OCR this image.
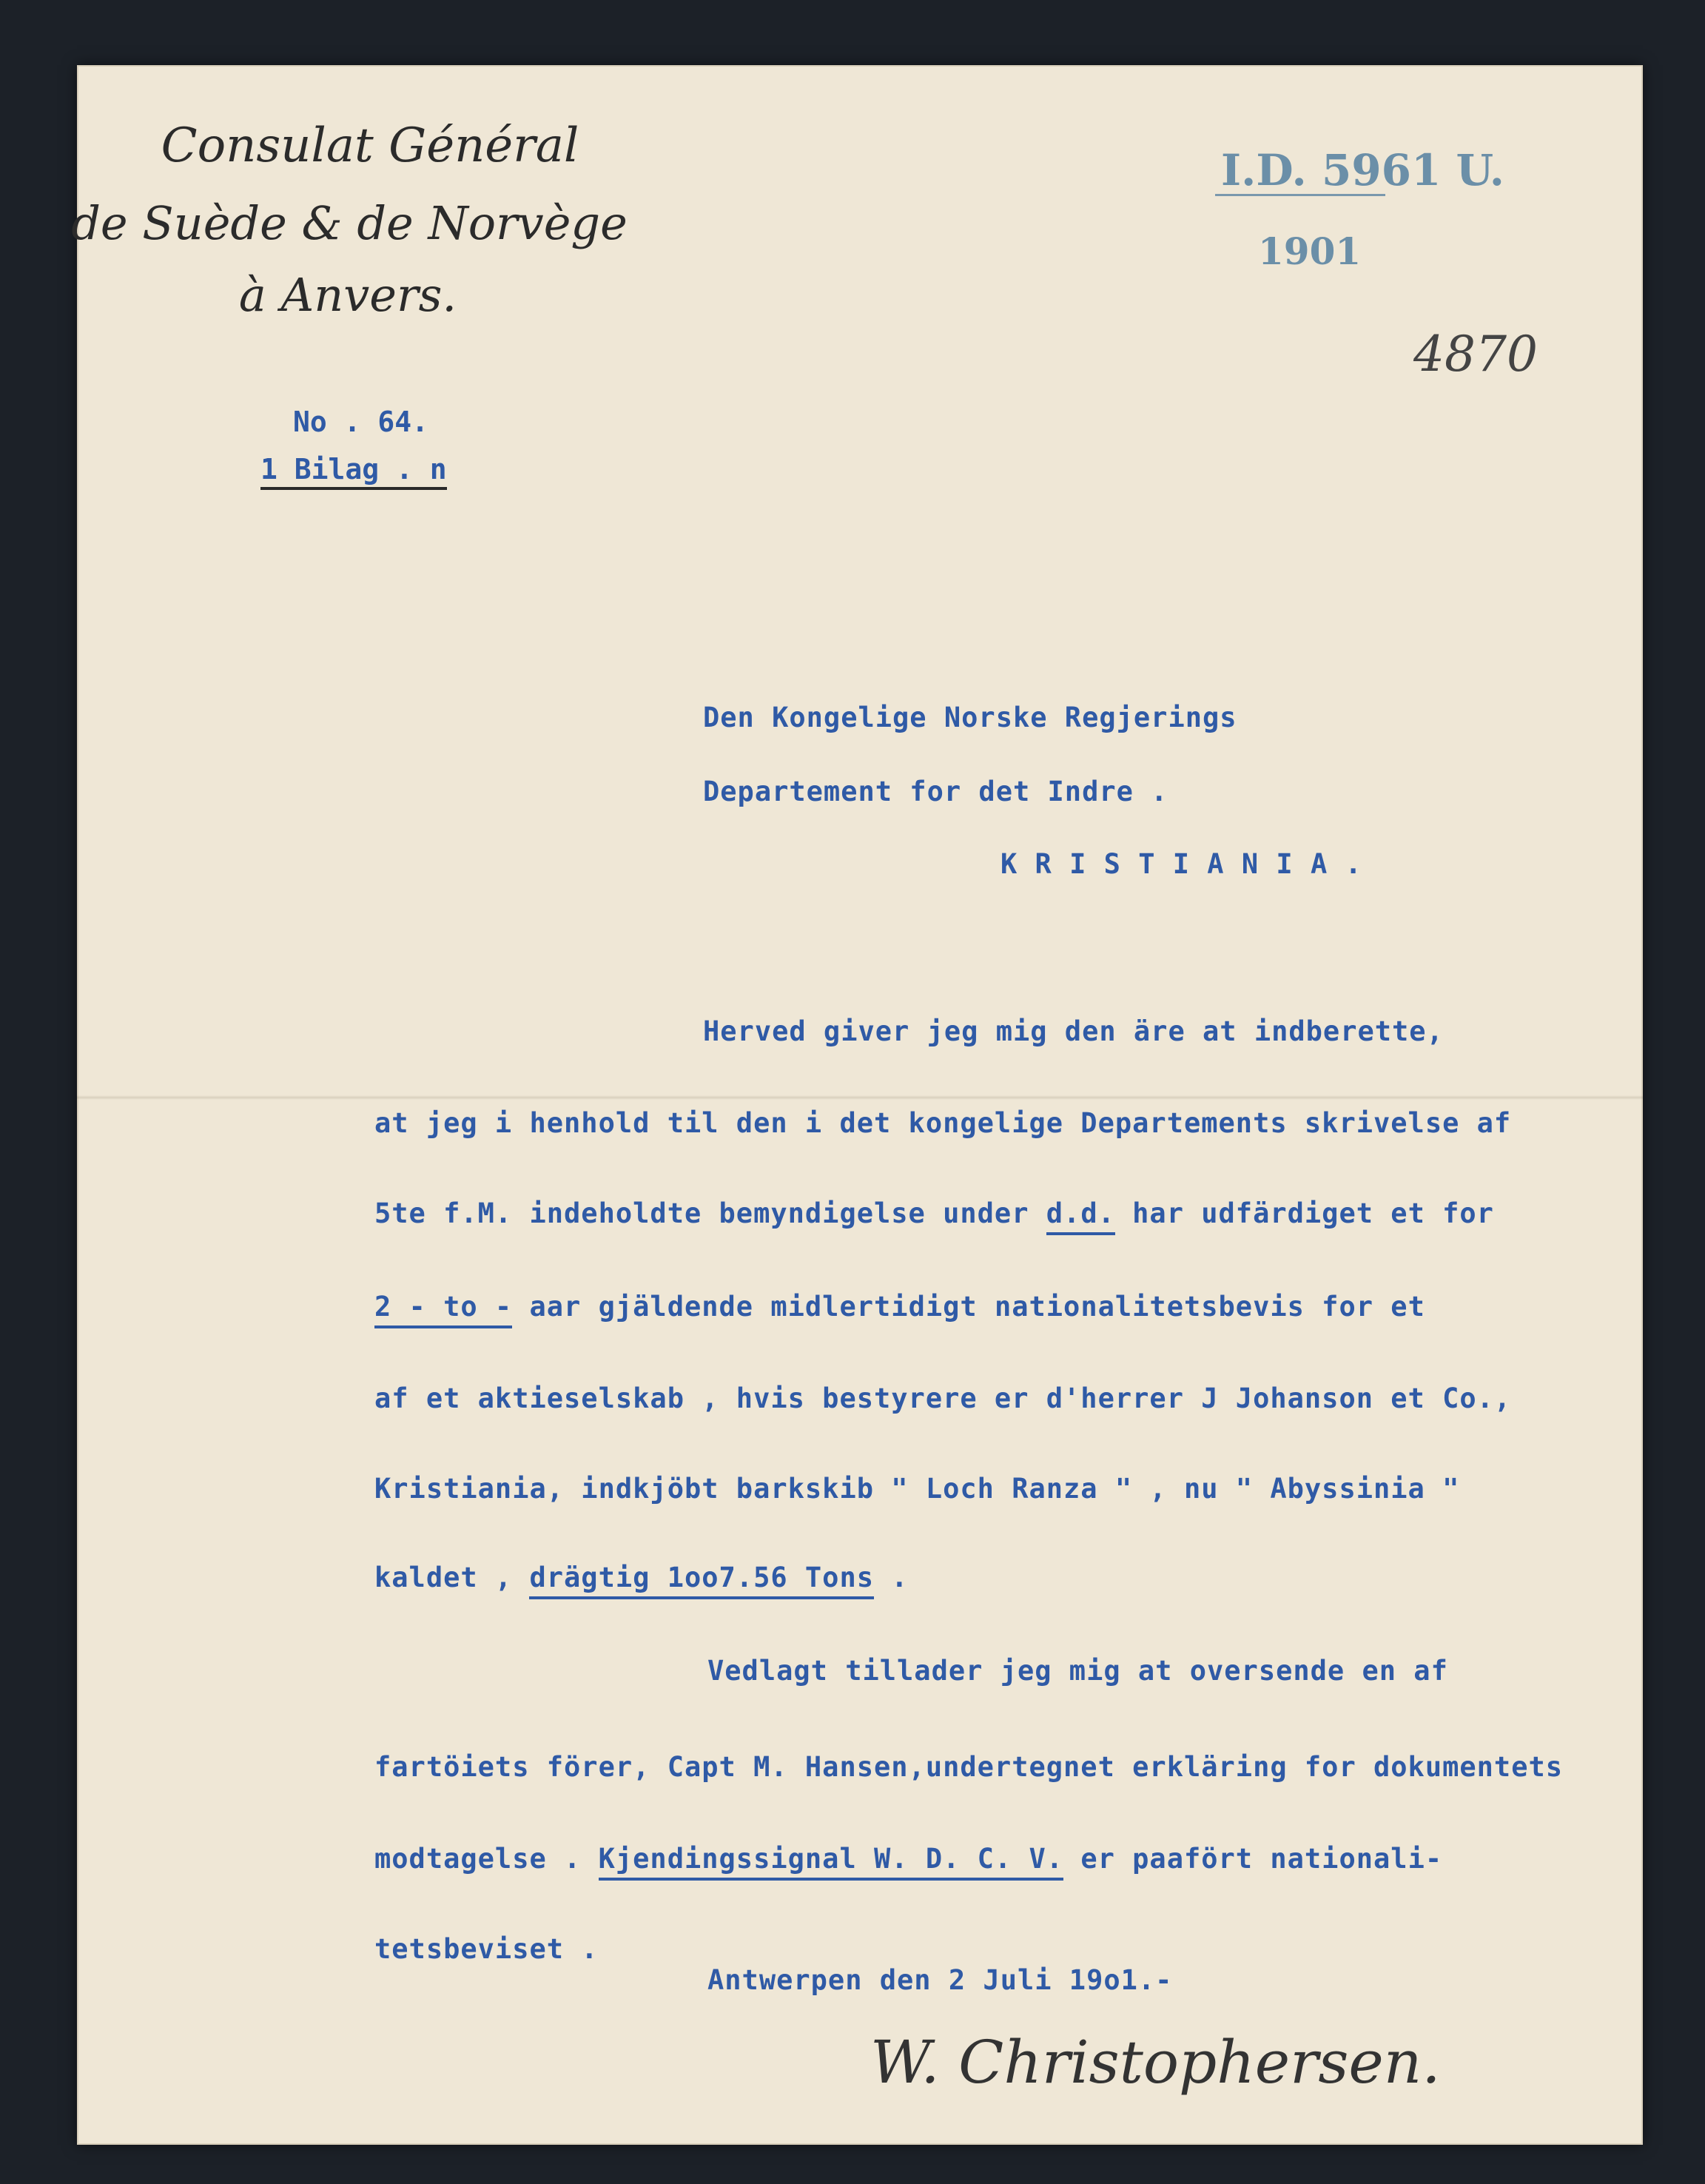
Consulat Général
de Suède & de Norvège
à Anvers.
No . 64.
1 Bilag . n
I.D. 5961 U.
1901
4870
Den Kongelige Norske Regjerings
Departement for det Indre .
K R I S T I A N I A .
Herved giver jeg mig den äre at indberette,
at jeg i henhold til den i det kongelige Departements skrivelse af
5te f.M. indeholdte bemyndigelse under d.d. har udfärdiget et for
2 - to - aar gjäldende midlertidigt nationalitetsbevis for et
af et aktieselskab , hvis bestyrere er d'herrer J Johanson et Co.,
Kristiania, indkjöbt barkskib " Loch Ranza " , nu " Abyssinia "
kaldet , drägtig 1oo7.56 Tons .
Vedlagt tillader jeg mig at oversende en af
fartöiets förer, Capt M. Hansen,undertegnet erkläring for dokumentets
modtagelse . Kjendingssignal W. D. C. V. er paafört nationali-
tetsbeviset .
Antwerpen den 2 Juli 19o1.-
W. Christophersen.
